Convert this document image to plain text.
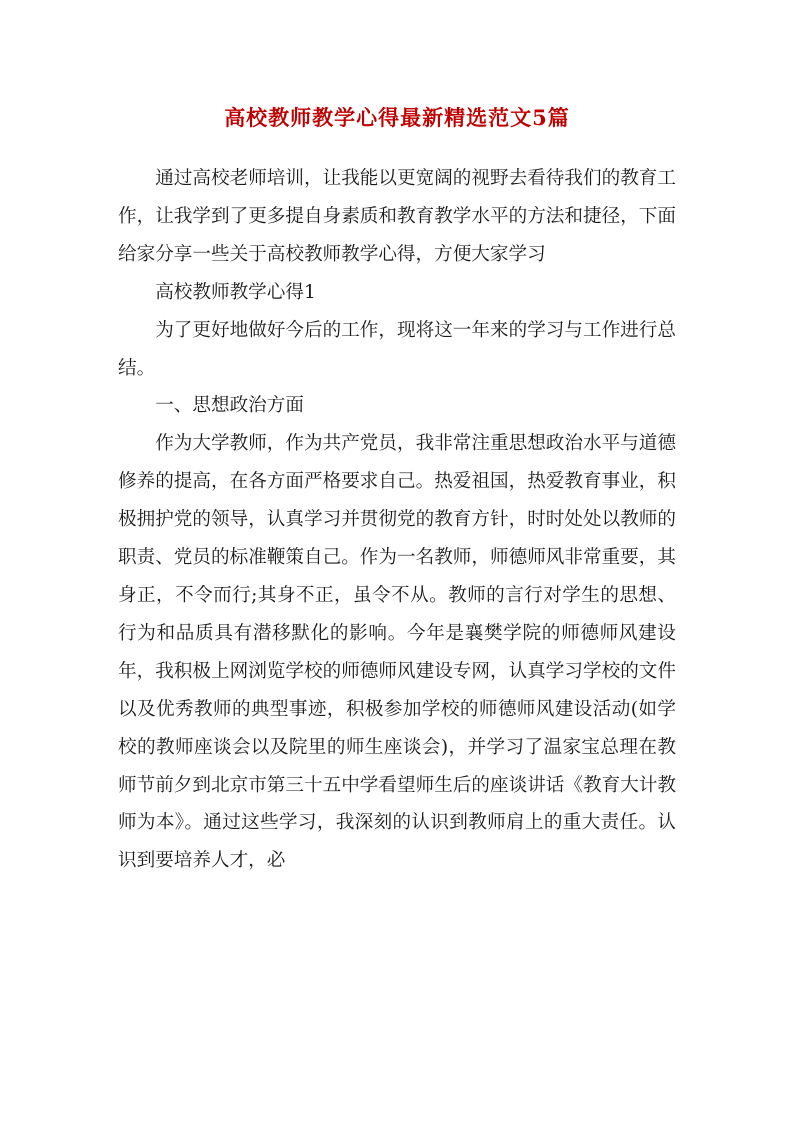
高校教师教学心得最新精选范文5篇

通过高校老师培训，让我能以更宽阔的视野去看待我们的教育工作，让我学到了更多提自身素质和教育教学水平的方法和捷径，下面给家分享一些关于高校教师教学心得，方便大家学习

高校教师教学心得1

为了更好地做好今后的工作，现将这一年来的学习与工作进行总结。

一、思想政治方面

作为大学教师，作为共产党员，我非常注重思想政治水平与道德修养的提高，在各方面严格要求自己。热爱祖国，热爱教育事业，积极拥护党的领导，认真学习并贯彻党的教育方针，时时处处以教师的职责、党员的标准鞭策自己。作为一名教师，师德师风非常重要，其身正，不令而行;其身不正，虽令不从。教师的言行对学生的思想、行为和品质具有潜移默化的影响。今年是襄樊学院的师德师风建设年，我积极上网浏览学校的师德师风建设专网，认真学习学校的文件以及优秀教师的典型事迹，积极参加学校的师德师风建设活动(如学校的教师座谈会以及院里的师生座谈会)，并学习了温家宝总理在教师节前夕到北京市第三十五中学看望师生后的座谈讲话《教育大计教师为本》。通过这些学习，我深刻的认识到教师肩上的重大责任。认识到要培养人才，必
